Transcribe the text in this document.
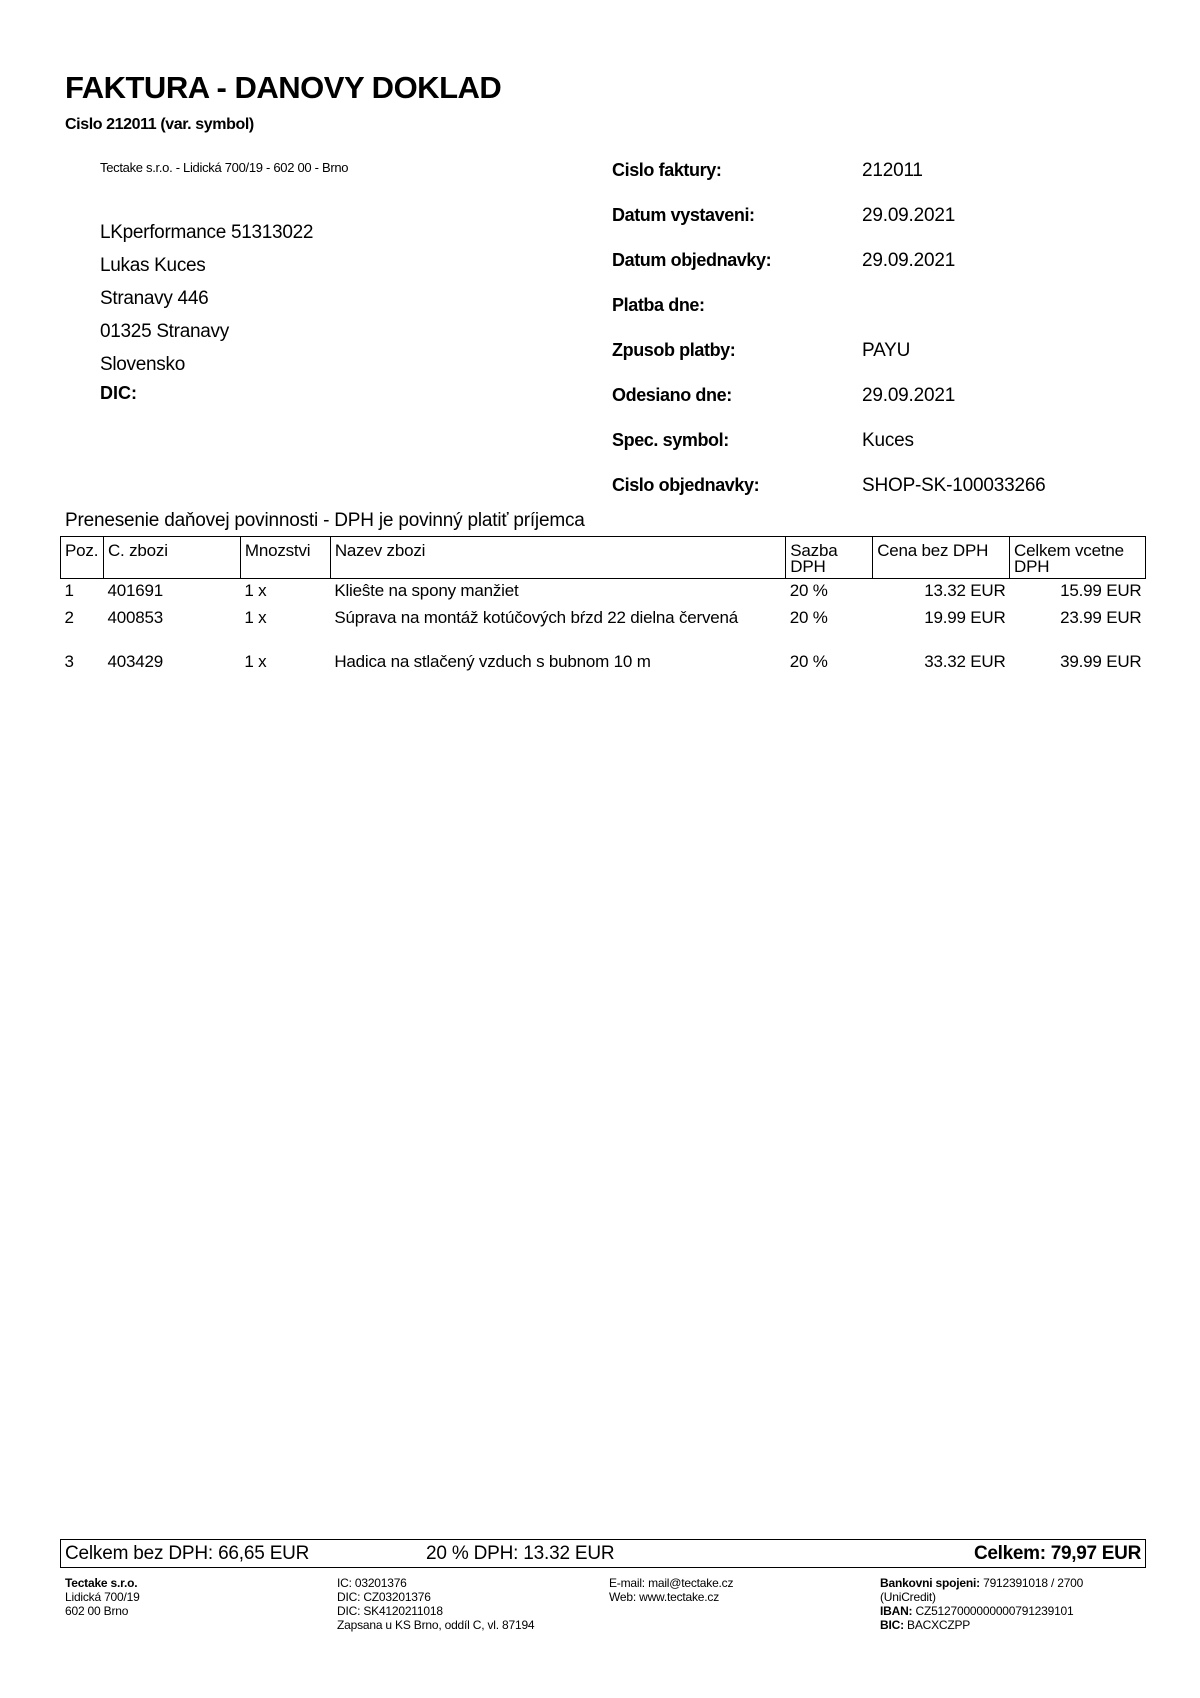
FAKTURA - DANOVY DOKLAD
Cislo 212011 (var. symbol)
Tectake s.r.o. - Lidická 700/19 - 602 00 - Brno
LKperformance 51313022
Lukas Kuces
Stranavy 446
01325 Stranavy
Slovensko
DIC:
Cislo faktury:	212011
Datum vystaveni:	29.09.2021
Datum objednavky:	29.09.2021
Platba dne:
Zpusob platby:	PAYU
Odesiano dne:	29.09.2021
Spec. symbol:	Kuces
Cislo objednavky:	SHOP-SK-100033266
Prenesenie daňovej povinnosti - DPH je povinný platiť príjemca
Poz.	C. zbozi	Mnozstvi	Nazev zbozi	Sazba DPH	Cena bez DPH	Celkem vcetne DPH
1	401691	1 x	Klieŝte na spony manžiet	20 %	13.32 EUR	15.99 EUR
2	400853	1 x	Súprava na montáž kotúčových bŕzd 22 dielna červená	20 %	19.99 EUR	23.99 EUR
3	403429	1 x	Hadica na stlačený vzduch s bubnom 10 m	20 %	33.32 EUR	39.99 EUR
Celkem bez DPH: 66,65 EUR	20 % DPH: 13.32 EUR	Celkem: 79,97 EUR
Tectake s.r.o.
Lidická 700/19
602 00 Brno
IC: 03201376
DIC: CZ03201376
DIC: SK4120211018
Zapsana u KS Brno, oddíl C, vl. 87194
E-mail: mail@tectake.cz
Web: www.tectake.cz
Bankovni spojeni: 7912391018 / 2700
(UniCredit)
IBAN: CZ5127000000000791239101
BIC: BACXCZPP
